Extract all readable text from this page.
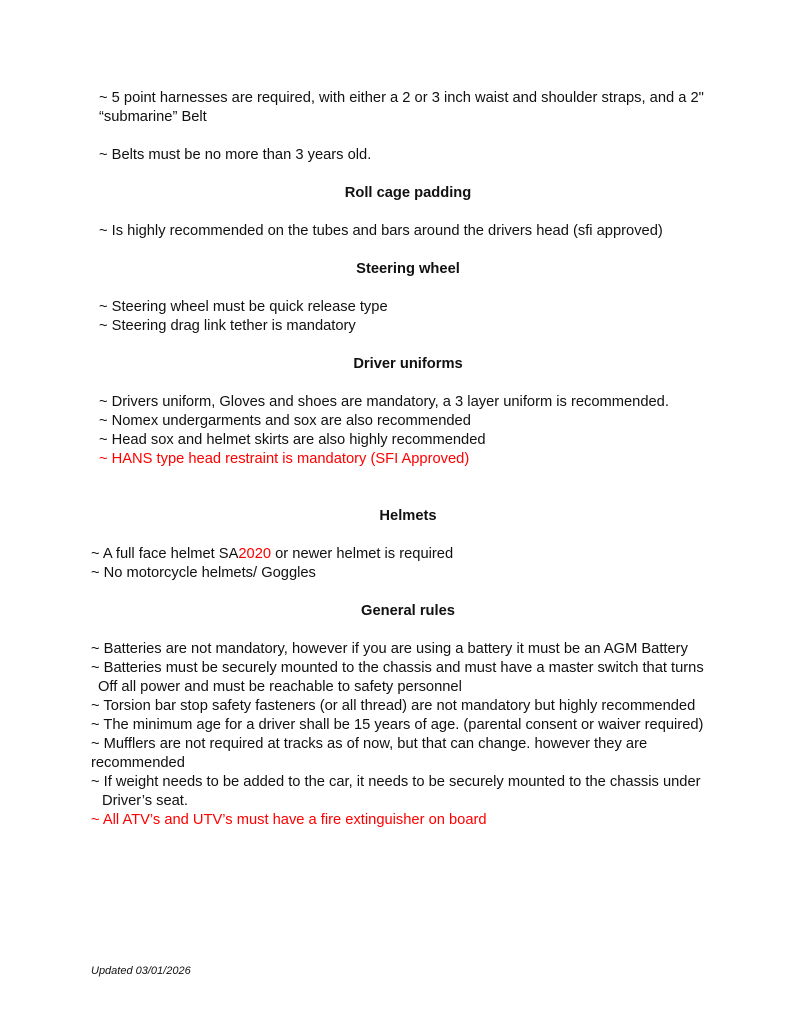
~ 5 point harnesses are required, with either a 2 or 3 inch waist and shoulder straps, and a 2"
“submarine” Belt
~ Belts must be no more than 3 years old.
Roll cage padding
~ Is highly recommended on the tubes and bars around the drivers head (sfi approved)
Steering wheel
~ Steering wheel must be quick release type
~ Steering drag link tether is mandatory
Driver uniforms
~ Drivers uniform, Gloves and shoes are mandatory, a 3 layer uniform is recommended.
~ Nomex undergarments and sox are also recommended
~ Head sox and helmet skirts are also highly recommended
~ HANS type head restraint is mandatory (SFI Approved)
Helmets
~ A full face helmet SA2020 or newer helmet is required
~ No motorcycle helmets/ Goggles
General rules
~ Batteries are not mandatory, however if you are using a battery it must be an AGM Battery
~ Batteries must be securely mounted to the chassis and must have a master switch that turns
Off all power and must be reachable to safety personnel
~ Torsion bar stop safety fasteners (or all thread) are not mandatory but highly recommended
~ The minimum age for a driver shall be 15 years of age. (parental consent or waiver required)
~ Mufflers are not required at tracks as of now, but that can change. however they are
recommended
~ If weight needs to be added to the car, it needs to be securely mounted to the chassis under
Driver’s seat.
~ All ATV’s and UTV’s must have a fire extinguisher on board
Updated 03/01/2026
